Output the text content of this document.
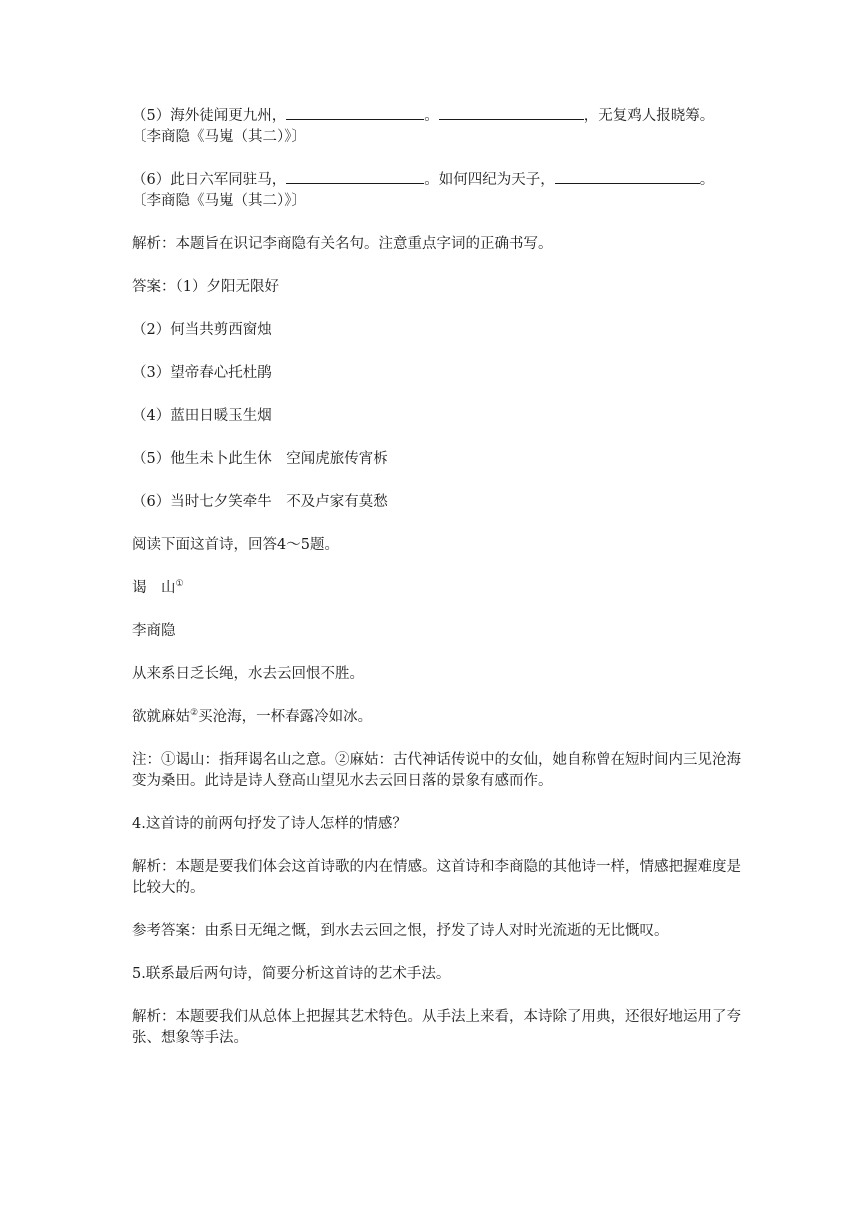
（5）海外徒闻更九州，	。	，无复鸡人报晓筹。
〔李商隐《马嵬（其二）》〕

（6）此日六军同驻马，	。如何四纪为天子，	。
〔李商隐《马嵬（其二）》〕

解析：本题旨在识记李商隐有关名句。注意重点字词的正确书写。

答案：（1）夕阳无限好

（2）何当共剪西窗烛

（3）望帝春心托杜鹃

（4）蓝田日暖玉生烟

（5）他生未卜此生休　空闻虎旅传宵柝

（6）当时七夕笑牵牛　不及卢家有莫愁

阅读下面这首诗，回答4～5题。

谒　山①

李商隐

从来系日乏长绳，水去云回恨不胜。

欲就麻姑②买沧海，一杯春露冷如冰。

注：①谒山：指拜谒名山之意。②麻姑：古代神话传说中的女仙，她自称曾在短时间内三见沧海变为桑田。此诗是诗人登高山望见水去云回日落的景象有感而作。

4.这首诗的前两句抒发了诗人怎样的情感？

解析：本题是要我们体会这首诗歌的内在情感。这首诗和李商隐的其他诗一样，情感把握难度是比较大的。

参考答案：由系日无绳之慨，到水去云回之恨，抒发了诗人对时光流逝的无比慨叹。

5.联系最后两句诗，简要分析这首诗的艺术手法。

解析：本题要我们从总体上把握其艺术特色。从手法上来看，本诗除了用典，还很好地运用了夸张、想象等手法。
